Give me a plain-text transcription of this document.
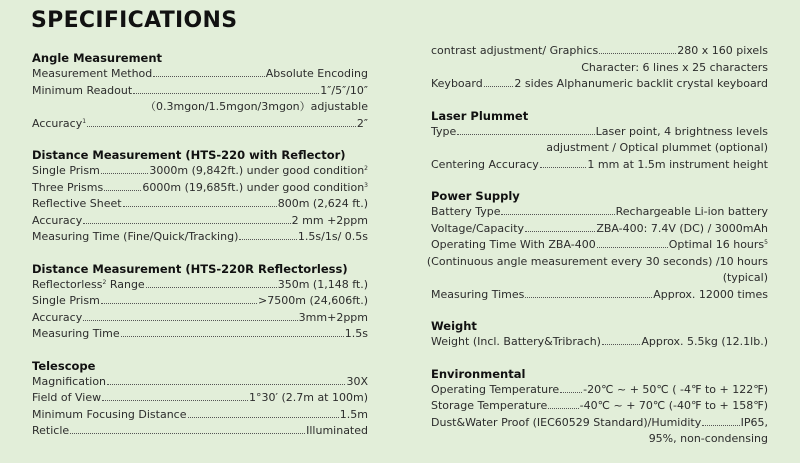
SPECIFICATIONS
Angle Measurement
Measurement Method	Absolute Encoding
Minimum Readout	1″/5″/10″
（0.3mgon/1.5mgon/3mgon）adjustable
Accuracy$^1$	2″
Distance Measurement (HTS-220 with Reflector)
Single Prism	3000m (9,842ft.) under good condition$^2$
Three Prisms	6000m (19,685ft.) under good condition$^3$
Reflective Sheet	800m (2,624 ft.)
Accuracy	2 mm +2ppm
Measuring Time (Fine/Quick/Tracking)	1.5s/1s/ 0.5s
Distance Measurement (HTS-220R Reflectorless)
Reflectorless$^2$ Range	350m (1,148 ft.)
Single Prism	>7500m (24,606ft.)
Accuracy	3mm+2ppm
Measuring Time	1.5s
Telescope
Magnification	30X
Field of View	1°30′ (2.7m at 100m)
Minimum Focusing Distance	1.5m
Reticle	Illuminated
contrast adjustment/ Graphics	280 x 160 pixels
Character: 6 lines x 25 characters
Keyboard	2 sides Alphanumeric backlit crystal keyboard
Laser Plummet
Type	Laser point, 4 brightness levels
adjustment / Optical plummet (optional)
Centering Accuracy	1 mm at 1.5m instrument height
Power Supply
Battery Type	Rechargeable Li-ion battery
Voltage/Capacity	ZBA-400: 7.4V (DC) / 3000mAh
Operating Time With ZBA-400	Optimal 16 hours$^5$
(Continuous angle measurement every 30 seconds) /10 hours
(typical)
Measuring Times	Approx. 12000 times
Weight
Weight (Incl. Battery&Tribrach)	Approx. 5.5kg (12.1lb.)
Environmental
Operating Temperature -20℃ ~ + 50℃ ( -4℉ to + 122℉)
Storage Temperature	-40℃ ~ + 70℃ (-40℉ to + 158℉)
Dust&Water Proof (IEC60529 Standard)/Humidity	IP65,
95%, non-condensing
